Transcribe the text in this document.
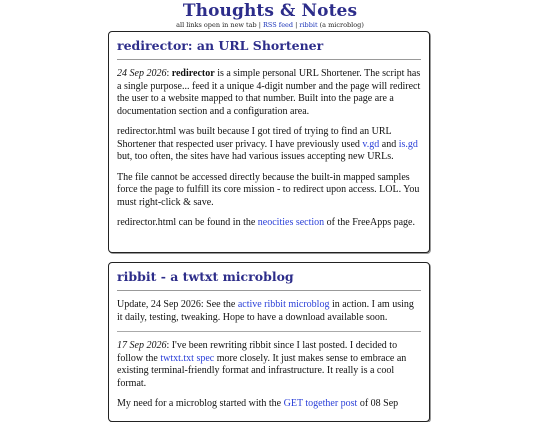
Thoughts & Notes
all links open in new tab | RSS feed | ribbit (a microblog)
redirector: an URL Shortener

24 Sep 2026: redirector is a simple personal URL Shortener. The script has a single purpose... feed it a unique 4-digit number and the page will redirect the user to a website mapped to that number. Built into the page are a documentation section and a configuration area.

redirector.html was built because I got tired of trying to find an URL Shortener that respected user privacy. I have previously used v.gd and is.gd but, too often, the sites have had various issues accepting new URLs.

The file cannot be accessed directly because the built-in mapped samples force the page to fulfill its core mission - to redirect upon access. LOL. You must right-click & save.

redirector.html can be found in the neocities section of the FreeApps page.

ribbit - a twtxt microblog

Update, 24 Sep 2026: See the active ribbit microblog in action. I am using it daily, testing, tweaking. Hope to have a download available soon.

17 Sep 2026: I've been rewriting ribbit since I last posted. I decided to follow the twtxt.txt spec more closely. It just makes sense to embrace an existing terminal-friendly format and infrastructure. It really is a cool format.

My need for a microblog started with the GET together post of 08 Sep
